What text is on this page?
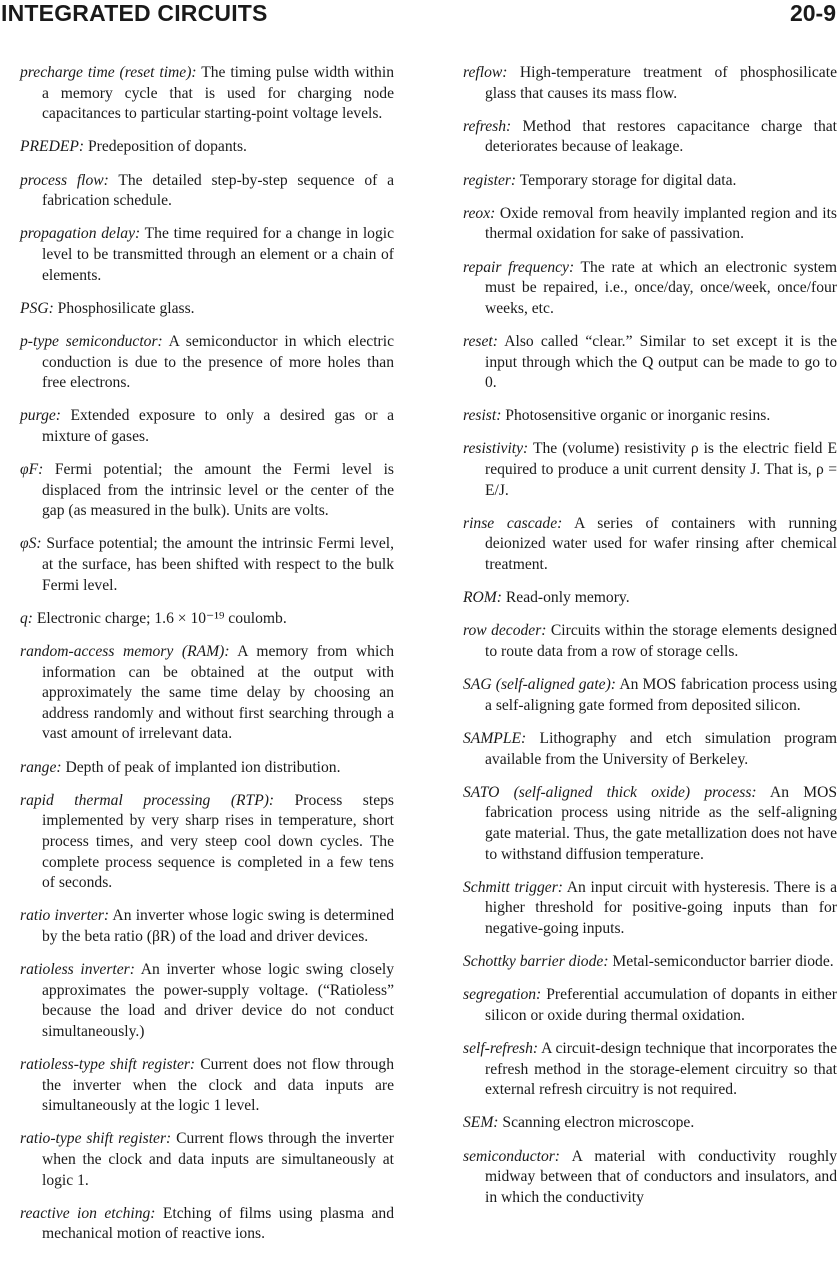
INTEGRATED CIRCUITS	20-9

precharge time (reset time): The timing pulse width within a memory cycle that is used for charging node capacitances to particular starting-point voltage levels.

PREDEP: Predeposition of dopants.

process flow: The detailed step-by-step sequence of a fabrication schedule.

propagation delay: The time required for a change in logic level to be transmitted through an element or a chain of elements.

PSG: Phosphosilicate glass.

p-type semiconductor: A semiconductor in which electric conduction is due to the presence of more holes than free electrons.

purge: Extended exposure to only a desired gas or a mixture of gases.

φF: Fermi potential; the amount the Fermi level is displaced from the intrinsic level or the center of the gap (as measured in the bulk). Units are volts.

φS: Surface potential; the amount the intrinsic Fermi level, at the surface, has been shifted with respect to the bulk Fermi level.

q: Electronic charge; 1.6 × 10⁻¹⁹ coulomb.

random-access memory (RAM): A memory from which information can be obtained at the output with approximately the same time delay by choosing an address randomly and without first searching through a vast amount of irrelevant data.

range: Depth of peak of implanted ion distribution.

rapid thermal processing (RTP): Process steps implemented by very sharp rises in temperature, short process times, and very steep cool down cycles. The complete process sequence is completed in a few tens of seconds.

ratio inverter: An inverter whose logic swing is determined by the beta ratio (βR) of the load and driver devices.

ratioless inverter: An inverter whose logic swing closely approximates the power-supply voltage. (“Ratioless” because the load and driver device do not conduct simultaneously.)

ratioless-type shift register: Current does not flow through the inverter when the clock and data inputs are simultaneously at the logic 1 level.

ratio-type shift register: Current flows through the inverter when the clock and data inputs are simultaneously at logic 1.

reactive ion etching: Etching of films using plasma and mechanical motion of reactive ions.

reflow: High-temperature treatment of phosphosilicate glass that causes its mass flow.

refresh: Method that restores capacitance charge that deteriorates because of leakage.

register: Temporary storage for digital data.

reox: Oxide removal from heavily implanted region and its thermal oxidation for sake of passivation.

repair frequency: The rate at which an electronic system must be repaired, i.e., once/day, once/week, once/four weeks, etc.

reset: Also called “clear.” Similar to set except it is the input through which the Q output can be made to go to 0.

resist: Photosensitive organic or inorganic resins.

resistivity: The (volume) resistivity ρ is the electric field E required to produce a unit current density J. That is, ρ = E/J.

rinse cascade: A series of containers with running deionized water used for wafer rinsing after chemical treatment.

ROM: Read-only memory.

row decoder: Circuits within the storage elements designed to route data from a row of storage cells.

SAG (self-aligned gate): An MOS fabrication process using a self-aligning gate formed from deposited silicon.

SAMPLE: Lithography and etch simulation program available from the University of Berkeley.

SATO (self-aligned thick oxide) process: An MOS fabrication process using nitride as the self-aligning gate material. Thus, the gate metallization does not have to withstand diffusion temperature.

Schmitt trigger: An input circuit with hysteresis. There is a higher threshold for positive-going inputs than for negative-going inputs.

Schottky barrier diode: Metal-semiconductor barrier diode.

segregation: Preferential accumulation of dopants in either silicon or oxide during thermal oxidation.

self-refresh: A circuit-design technique that incorporates the refresh method in the storage-element circuitry so that external refresh circuitry is not required.

SEM: Scanning electron microscope.

semiconductor: A material with conductivity roughly midway between that of conductors and insulators, and in which the conductivity
